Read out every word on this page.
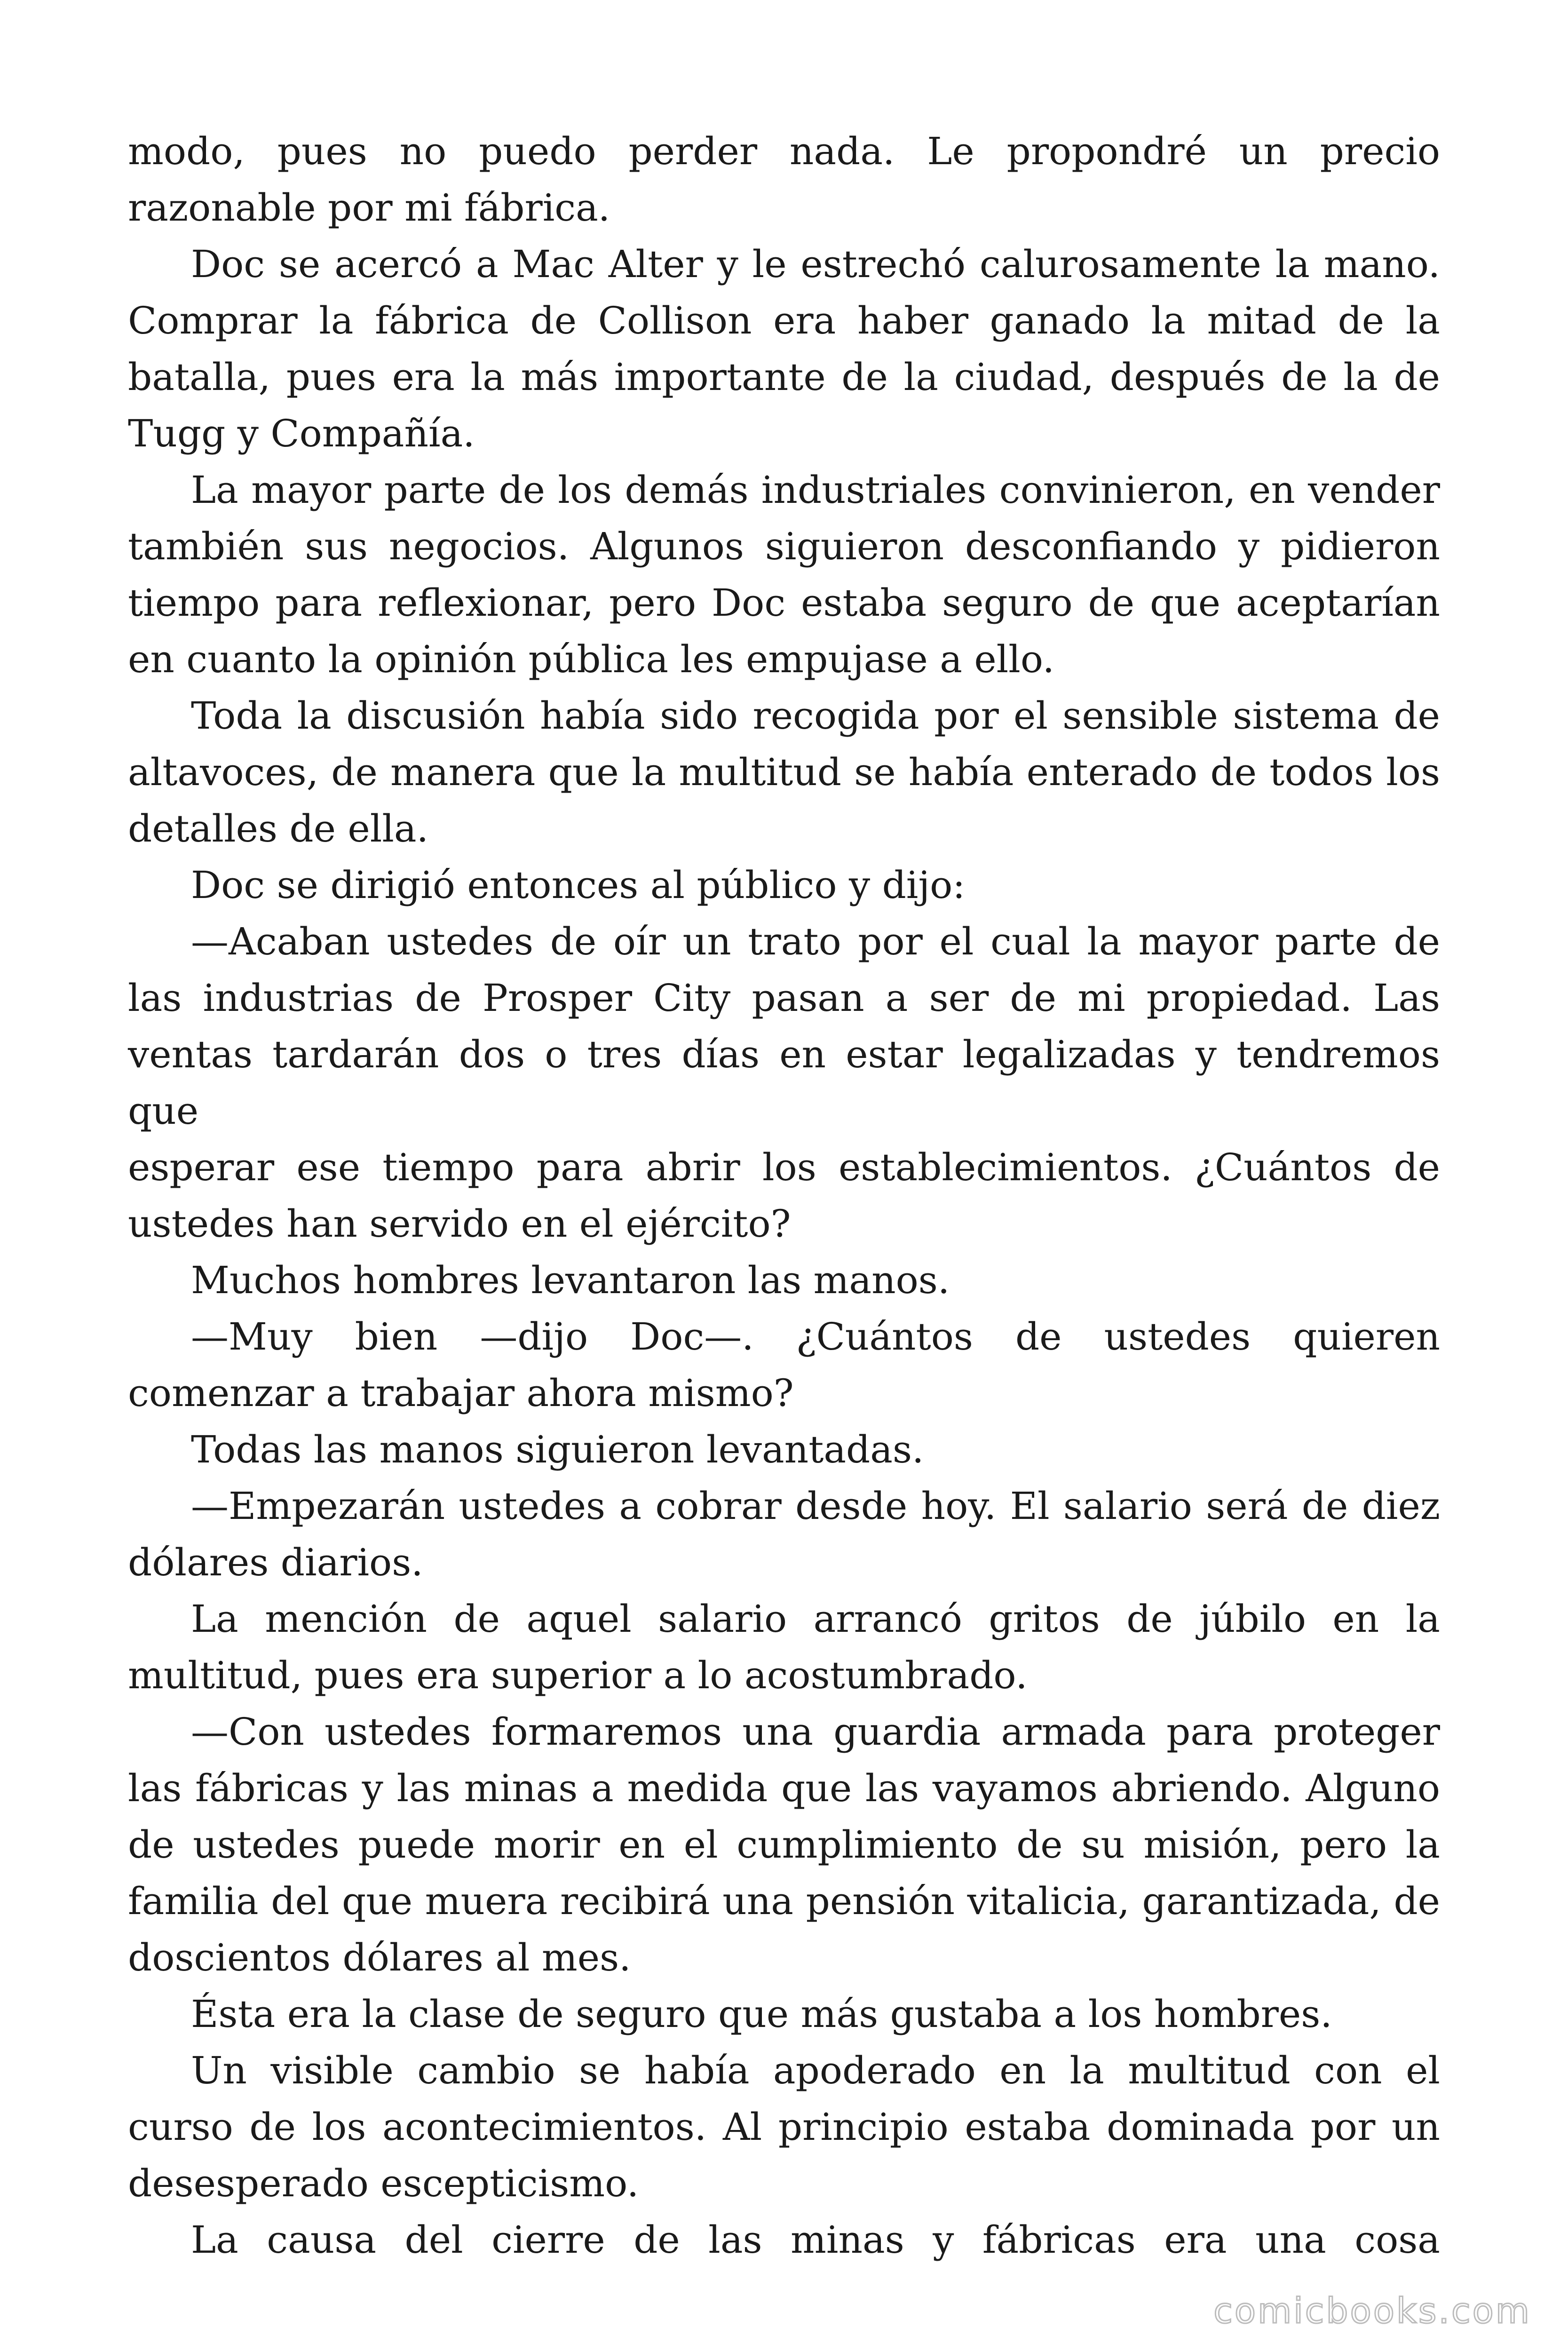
modo, pues no puedo perder nada. Le propondré un precio
razonable por mi fábrica.
Doc se acercó a Mac Alter y le estrechó calurosamente la mano.
Comprar la fábrica de Collison era haber ganado la mitad de la
batalla, pues era la más importante de la ciudad, después de la de
Tugg y Compañía.
La mayor parte de los demás industriales convinieron, en vender
también sus negocios. Algunos siguieron desconfiando y pidieron
tiempo para reflexionar, pero Doc estaba seguro de que aceptarían
en cuanto la opinión pública les empujase a ello.
Toda la discusión había sido recogida por el sensible sistema de
altavoces, de manera que la multitud se había enterado de todos los
detalles de ella.
Doc se dirigió entonces al público y dijo:
—Acaban ustedes de oír un trato por el cual la mayor parte de
las industrias de Prosper City pasan a ser de mi propiedad. Las
ventas tardarán dos o tres días en estar legalizadas y tendremos que
esperar ese tiempo para abrir los establecimientos. ¿Cuántos de
ustedes han servido en el ejército?
Muchos hombres levantaron las manos.
—Muy bien —dijo Doc—. ¿Cuántos de ustedes quieren
comenzar a trabajar ahora mismo?
Todas las manos siguieron levantadas.
—Empezarán ustedes a cobrar desde hoy. El salario será de diez
dólares diarios.
La mención de aquel salario arrancó gritos de júbilo en la
multitud, pues era superior a lo acostumbrado.
—Con ustedes formaremos una guardia armada para proteger
las fábricas y las minas a medida que las vayamos abriendo. Alguno
de ustedes puede morir en el cumplimiento de su misión, pero la
familia del que muera recibirá una pensión vitalicia, garantizada, de
doscientos dólares al mes.
Ésta era la clase de seguro que más gustaba a los hombres.
Un visible cambio se había apoderado en la multitud con el
curso de los acontecimientos. Al principio estaba dominada por un
desesperado escepticismo.
La causa del cierre de las minas y fábricas era una cosa
comicbooks.com
